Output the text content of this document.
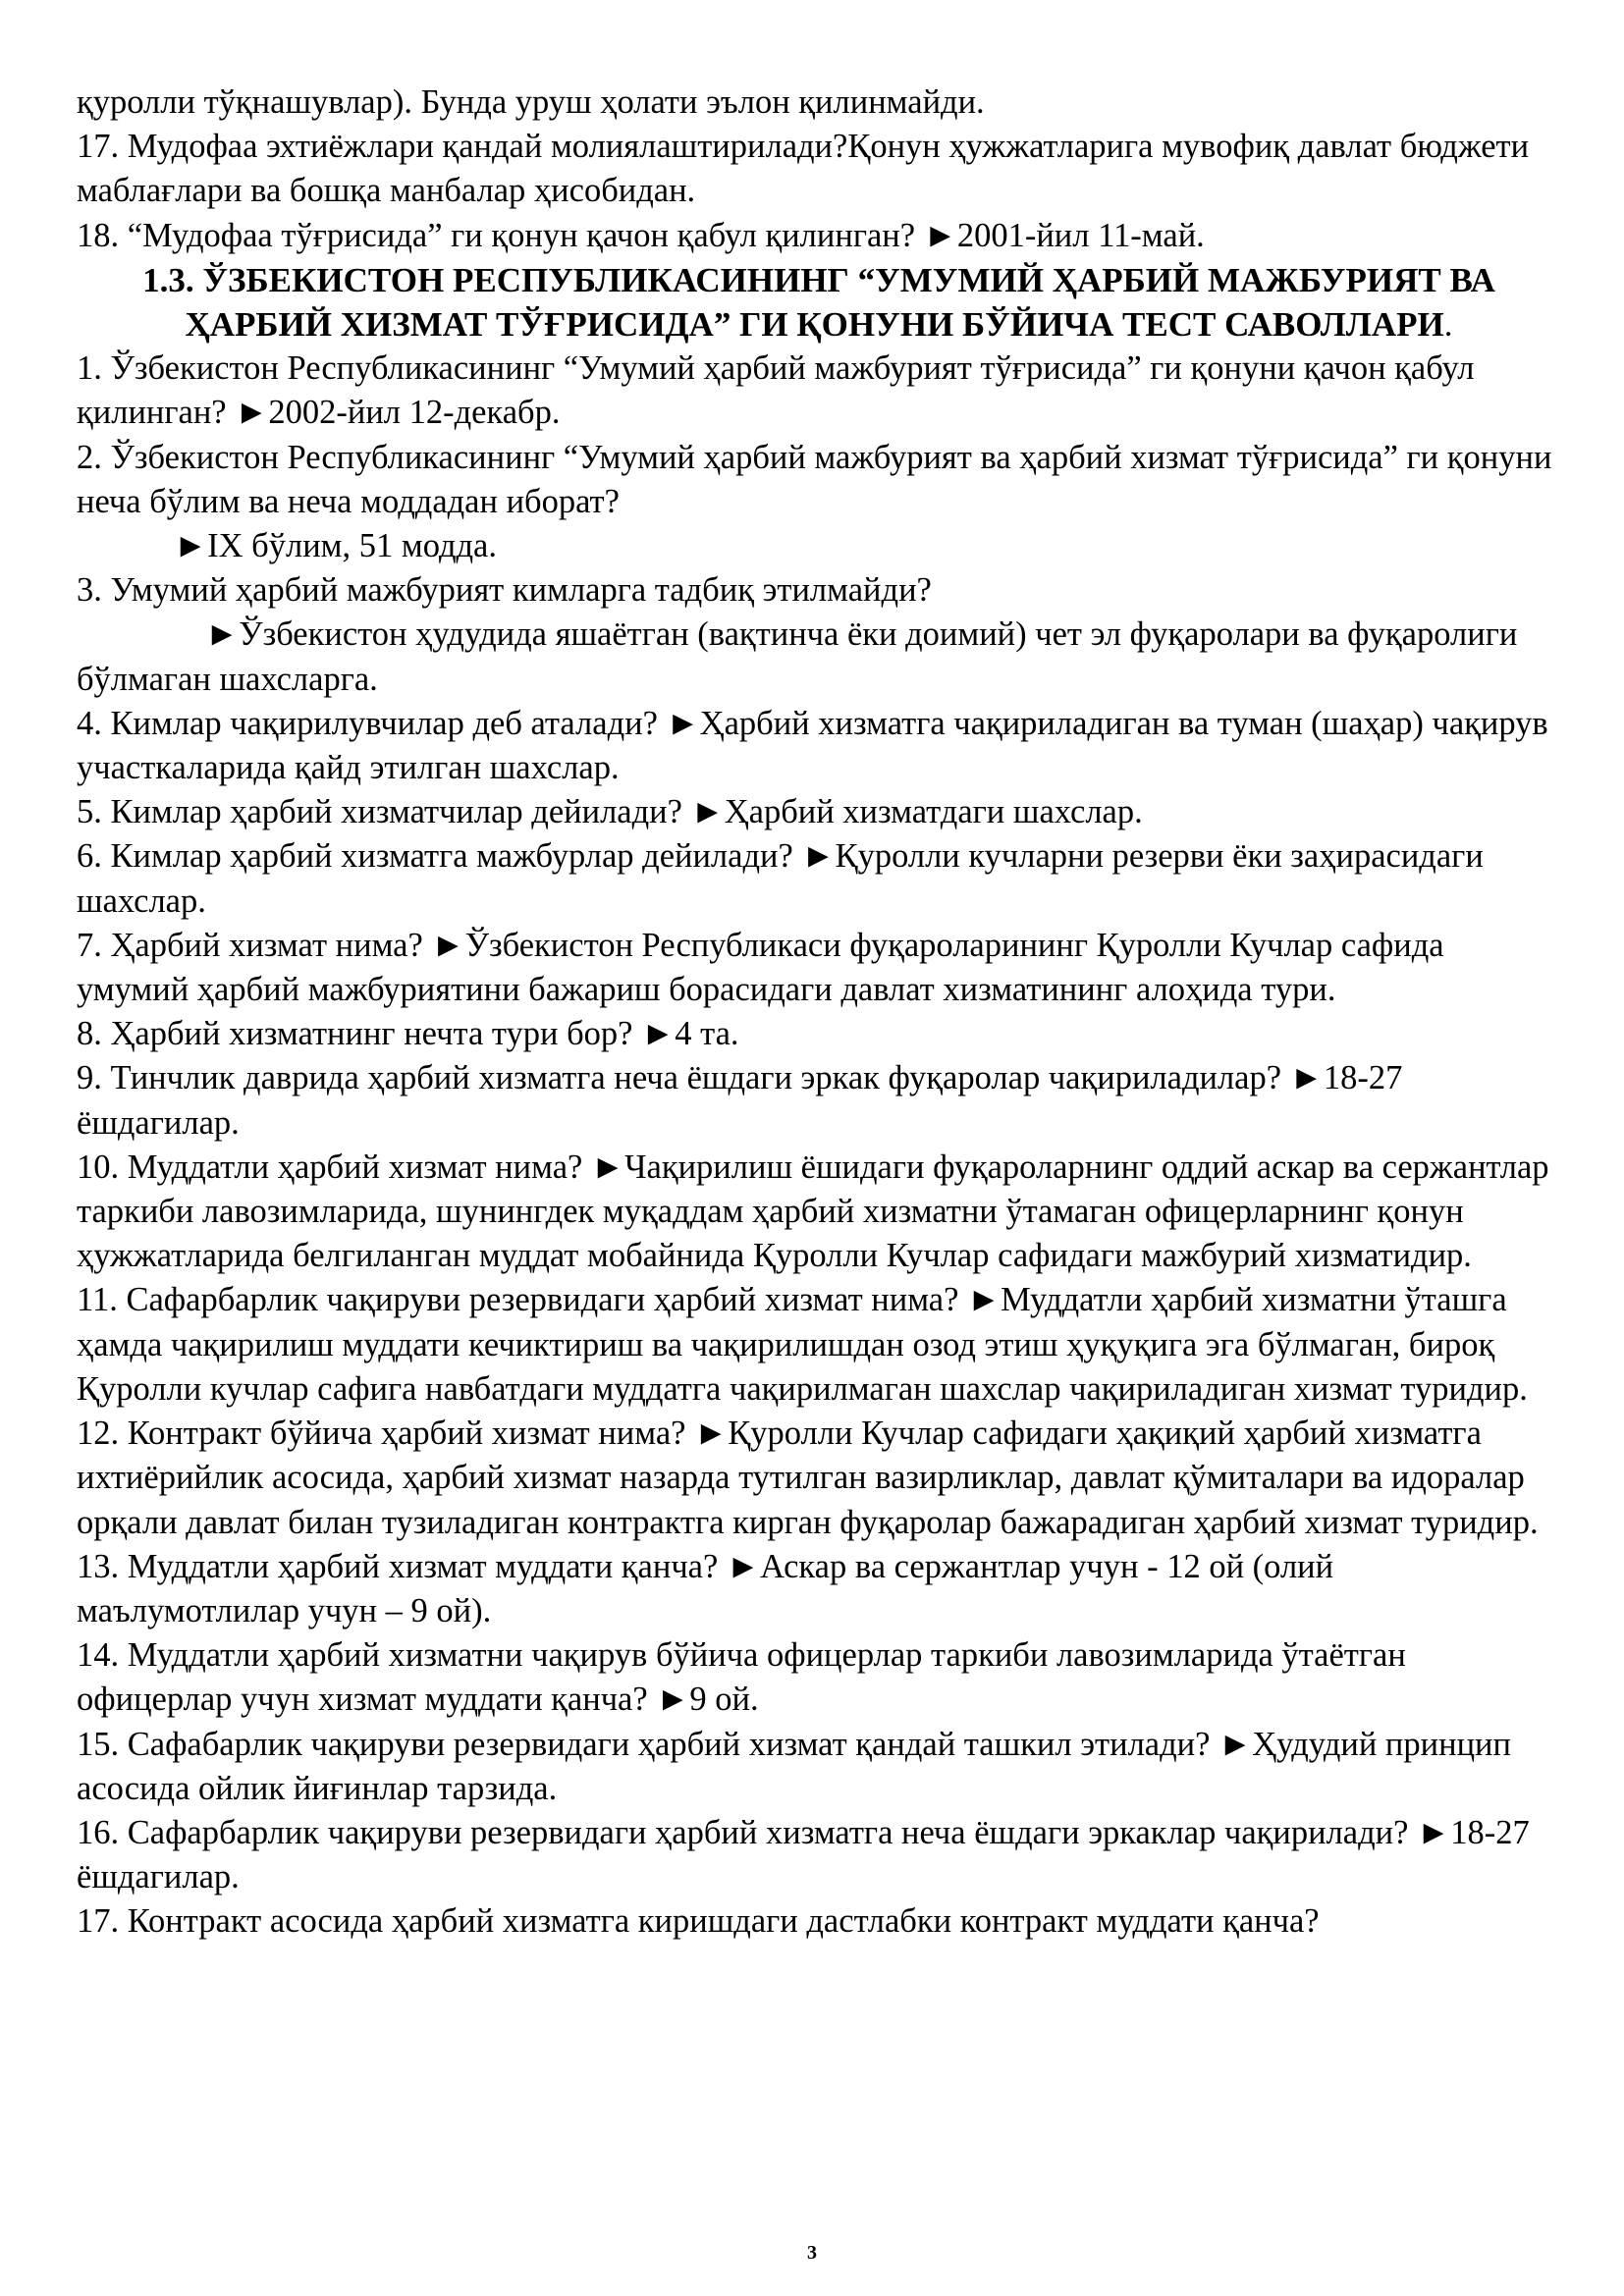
қуролли тўқнашувлар). Бунда уруш ҳолати эълон қилинмайди.

17. Мудофаа эхтиёжлари қандай молиялаштирилади?Қонун ҳужжатларига мувофиқ давлат бюджети маблағлари ва бошқа манбалар ҳисобидан.

18. “Мудофаа тўғрисида” ги қонун қачон қабул қилинган? ►2001-йил 11-май.

1.3. ЎЗБЕКИСТОН РЕСПУБЛИКАСИНИНГ “УМУМИЙ ҲАРБИЙ МАЖБУРИЯТ ВА ҲАРБИЙ ХИЗМАТ ТЎҒРИСИДА” ГИ ҚОНУНИ БЎЙИЧА ТЕСТ САВОЛЛАРИ.

1. Ўзбекистон Республикасининг “Умумий ҳарбий мажбурият тўғрисида” ги қонуни қачон қабул қилинган? ►2002-йил 12-декабр.

2. Ўзбекистон Республикасининг “Умумий ҳарбий мажбурият ва ҳарбий хизмат тўғрисида” ги қонуни неча бўлим ва неча моддадан иборат?

►IX бўлим, 51 модда.

3. Умумий ҳарбий мажбурият кимларга тадбиқ этилмайди?

►Ўзбекистон ҳудудида яшаётган (вақтинча ёки доимий) чет эл фуқаролари ва фуқаролиги бўлмаган шахсларга.

4. Кимлар чақирилувчилар деб аталади? ►Ҳарбий хизматга чақириладиган ва туман (шаҳар) чақирув участкаларида қайд этилган шахслар.

5. Кимлар ҳарбий хизматчилар дейилади? ►Ҳарбий хизматдаги шахслар.

6. Кимлар ҳарбий хизматга мажбурлар дейилади? ►Қуролли кучларни резерви ёки заҳирасидаги шахслар.

7. Ҳарбий хизмат нима? ►Ўзбекистон Республикаси фуқароларининг Қуролли Кучлар сафида умумий ҳарбий мажбуриятини бажариш борасидаги давлат хизматининг алоҳида тури.

8. Ҳарбий хизматнинг нечта тури бор? ►4 та.

9. Тинчлик даврида ҳарбий хизматга неча ёшдаги эркак фуқаролар чақириладилар? ►18-27 ёшдагилар.

10. Муддатли ҳарбий хизмат нима? ►Чақирилиш ёшидаги фуқароларнинг оддий аскар ва сержантлар таркиби лавозимларида, шунингдек муқаддам ҳарбий хизматни ўтамаган офицерларнинг қонун ҳужжатларида белгиланган муддат мобайнида Қуролли Кучлар сафидаги мажбурий хизматидир.

11. Сафарбарлик чақируви резервидаги ҳарбий хизмат нима? ►Муддатли ҳарбий хизматни ўташга ҳамда чақирилиш муддати кечиктириш ва чақирилишдан озод этиш ҳуқуқига эга бўлмаган, бироқ Қуролли кучлар сафига навбатдаги муддатга чақирилмаган шахслар чақириладиган хизмат туридир.

12. Контракт бўйича ҳарбий хизмат нима? ►Қуролли Кучлар сафидаги ҳақиқий ҳарбий хизматга ихтиёрийлик асосида, ҳарбий хизмат назарда тутилган вазирликлар, давлат қўмиталари ва идоралар орқали давлат билан тузиладиган контрактга кирган фуқаролар бажарадиган ҳарбий хизмат туридир.

13. Муддатли ҳарбий хизмат муддати қанча? ►Аскар ва сержантлар учун - 12 ой (олий маълумотлилар учун – 9 ой).

14. Муддатли ҳарбий хизматни чақирув бўйича офицерлар таркиби лавозимларида ўтаётган офицерлар учун хизмат муддати қанча? ►9 ой.

15. Сафабарлик чақируви резервидаги ҳарбий хизмат қандай ташкил этилади? ►Ҳудудий принцип асосида ойлик йиғинлар тарзида.

16. Сафарбарлик чақируви резервидаги ҳарбий хизматга неча ёшдаги эркаклар чақирилади? ►18-27 ёшдагилар.

17. Контракт асосида ҳарбий хизматга киришдаги дастлабки контракт муддати қанча?

3
